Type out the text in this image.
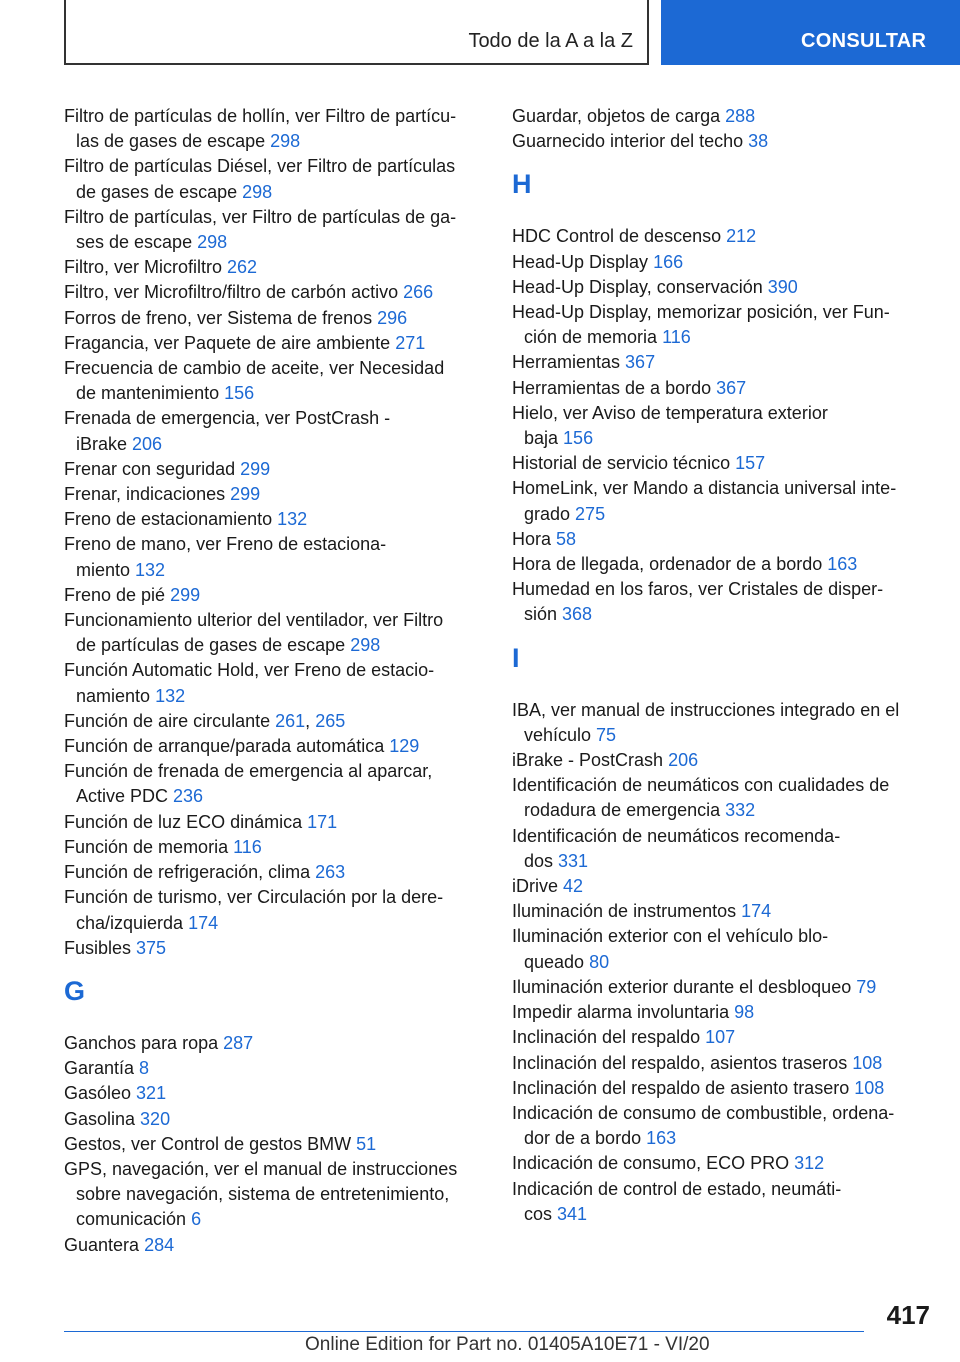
Todo de la A a la Z	CONSULTAR
Filtro de partículas de hollín, ver Filtro de partícu-
las de gases de escape 298
Filtro de partículas Diésel, ver Filtro de partículas
de gases de escape 298
Filtro de partículas, ver Filtro de partículas de ga-
ses de escape 298
Filtro, ver Microfiltro 262
Filtro, ver Microfiltro/filtro de carbón activo 266
Forros de freno, ver Sistema de frenos 296
Fragancia, ver Paquete de aire ambiente 271
Frecuencia de cambio de aceite, ver Necesidad
de mantenimiento 156
Frenada de emergencia, ver PostCrash -
iBrake 206
Frenar con seguridad 299
Frenar, indicaciones 299
Freno de estacionamiento 132
Freno de mano, ver Freno de estaciona-
miento 132
Freno de pié 299
Funcionamiento ulterior del ventilador, ver Filtro
de partículas de gases de escape 298
Función Automatic Hold, ver Freno de estacio-
namiento 132
Función de aire circulante 261, 265
Función de arranque/parada automática 129
Función de frenada de emergencia al aparcar,
Active PDC 236
Función de luz ECO dinámica 171
Función de memoria 116
Función de refrigeración, clima 263
Función de turismo, ver Circulación por la dere-
cha/izquierda 174
Fusibles 375
G
Ganchos para ropa 287
Garantía 8
Gasóleo 321
Gasolina 320
Gestos, ver Control de gestos BMW 51
GPS, navegación, ver el manual de instrucciones
sobre navegación, sistema de entretenimiento,
comunicación 6
Guantera 284
Guardar, objetos de carga 288
Guarnecido interior del techo 38
H
HDC Control de descenso 212
Head-Up Display 166
Head-Up Display, conservación 390
Head-Up Display, memorizar posición, ver Fun-
ción de memoria 116
Herramientas 367
Herramientas de a bordo 367
Hielo, ver Aviso de temperatura exterior
baja 156
Historial de servicio técnico 157
HomeLink, ver Mando a distancia universal inte-
grado 275
Hora 58
Hora de llegada, ordenador de a bordo 163
Humedad en los faros, ver Cristales de disper-
sión 368
I
IBA, ver manual de instrucciones integrado en el
vehículo 75
iBrake - PostCrash 206
Identificación de neumáticos con cualidades de
rodadura de emergencia 332
Identificación de neumáticos recomenda-
dos 331
iDrive 42
Iluminación de instrumentos 174
Iluminación exterior con el vehículo blo-
queado 80
Iluminación exterior durante el desbloqueo 79
Impedir alarma involuntaria 98
Inclinación del respaldo 107
Inclinación del respaldo, asientos traseros 108
Inclinación del respaldo de asiento trasero 108
Indicación de consumo de combustible, ordena-
dor de a bordo 163
Indicación de consumo, ECO PRO 312
Indicación de control de estado, neumáti-
cos 341
417
Online Edition for Part no. 01405A10E71 - VI/20
